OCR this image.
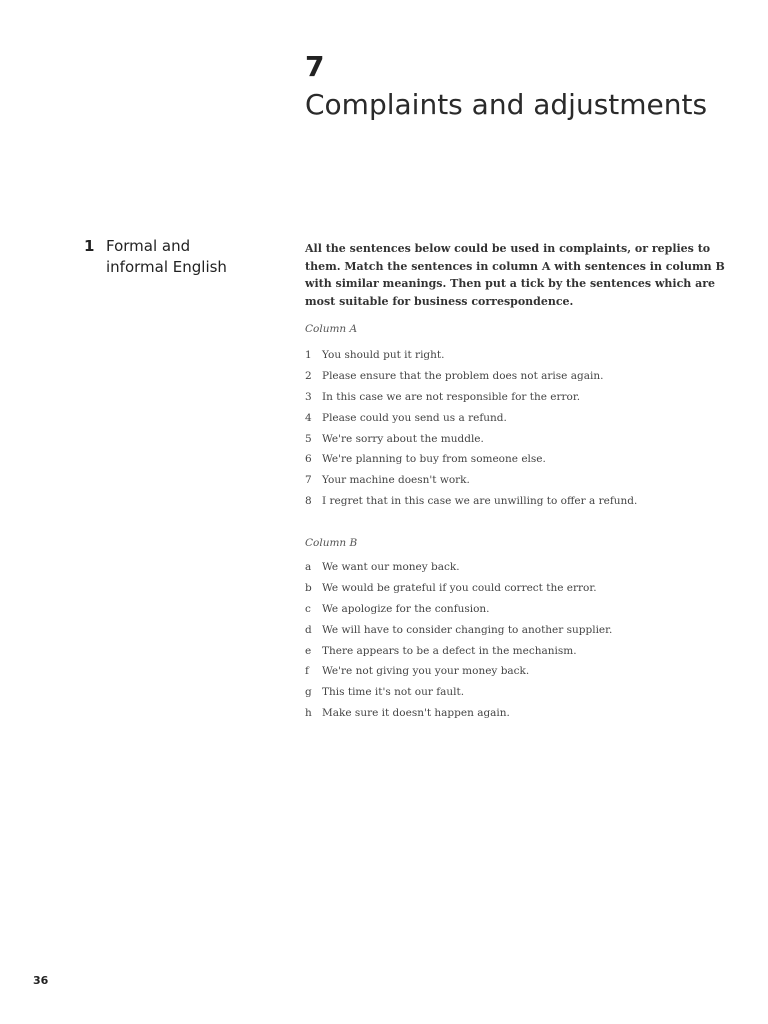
7
Complaints and adjustments
1 Formal and
informal English
All the sentences below could be used in complaints, or replies to them. Match the sentences in column A with sentences in column B with similar meanings. Then put a tick by the sentences which are most suitable for business correspondence.
Column A
1 You should put it right.
2 Please ensure that the problem does not arise again.
3 In this case we are not responsible for the error.
4 Please could you send us a refund.
5 We're sorry about the muddle.
6 We're planning to buy from someone else.
7 Your machine doesn't work.
8 I regret that in this case we are unwilling to offer a refund.
Column B
a We want our money back.
b We would be grateful if you could correct the error.
c We apologize for the confusion.
d We will have to consider changing to another supplier.
e There appears to be a defect in the mechanism.
f We're not giving you your money back.
g This time it's not our fault.
h Make sure it doesn't happen again.
36
